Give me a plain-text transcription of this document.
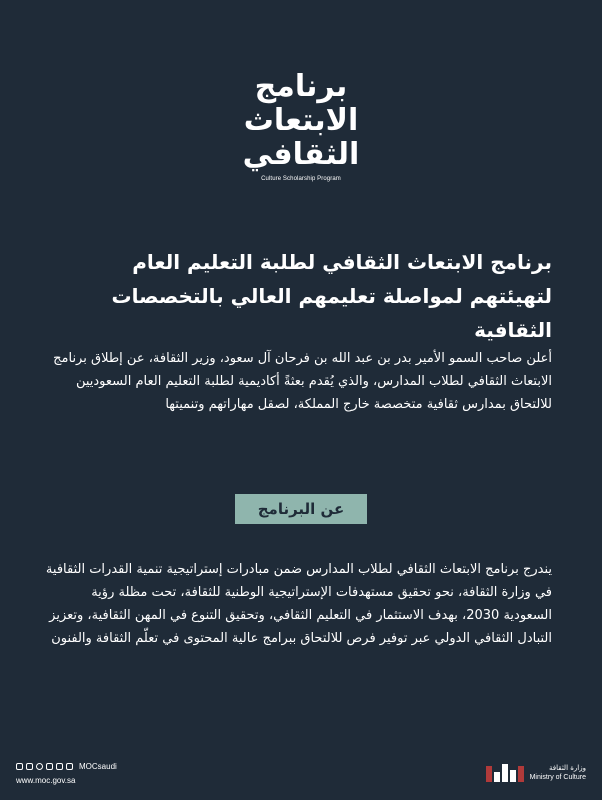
برنامج
الابتعاث
الثقافي
Culture Scholarship Program
برنامج الابتعاث الثقافي لطلبة التعليم العام
لتهيئتهم لمواصلة تعليمهم العالي بالتخصصات الثقافية
أعلن صاحب السمو الأمير بدر بن عبد الله بن فرحان آل سعود، وزير الثقافة، عن إطلاق برنامج الابتعاث الثقافي لطلاب المدارس، والذي يُقدم بعثةً أكاديمية لطلبة التعليم العام السعوديين للالتحاق بمدارس ثقافية متخصصة خارج المملكة، لصقل مهاراتهم وتنميتها
عن البرنامج
يندرج برنامج الابتعاث الثقافي لطلاب المدارس ضمن مبادرات إستراتيجية تنمية القدرات الثقافية في وزارة الثقافة، نحو تحقيق مستهدفات الإستراتيجية الوطنية للثقافة، تحت مظلة رؤية السعودية 2030، بهدف الاستثمار في التعليم الثقافي، وتحقيق التنوع في المهن الثقافية، وتعزيز التبادل الثقافي الدولي عبر توفير فرص للالتحاق ببرامج عالية المحتوى في تعلّم الثقافة والفنون
MOCsaudi
www.moc.gov.sa
وزارة الثقافة
Ministry of Culture
